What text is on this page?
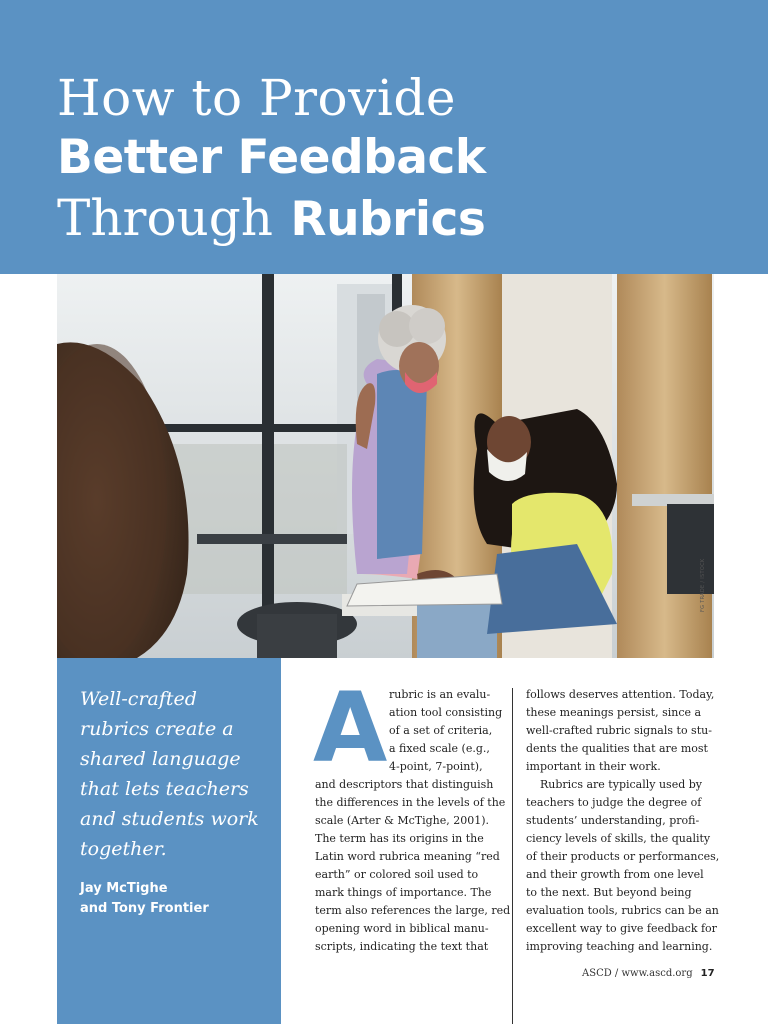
How to Provide
Better Feedback
Through Rubrics
FG TRADE / ISTOCK

Well-crafted rubrics create a shared language that lets teachers and students work together.

Jay McTighe
and Tony Frontier

A rubric is an evalu-
ation tool consisting
of a set of criteria,
a fixed scale (e.g.,
4-point, 7-point),
and descriptors that distinguish
the differences in the levels of the
scale (Arter & McTighe, 2001).
The term has its origins in the
Latin word rubrica meaning “red
earth” or colored soil used to
mark things of importance. The
term also references the large, red
opening word in biblical manu-
scripts, indicating the text that
follows deserves attention. Today,
these meanings persist, since a
well-crafted rubric signals to stu-
dents the qualities that are most
important in their work.
Rubrics are typically used by
teachers to judge the degree of
students’ understanding, profi-
ciency levels of skills, the quality
of their products or performances,
and their growth from one level
to the next. But beyond being
evaluation tools, rubrics can be an
excellent way to give feedback for
improving teaching and learning.
ASCD / www.ascd.org 17
